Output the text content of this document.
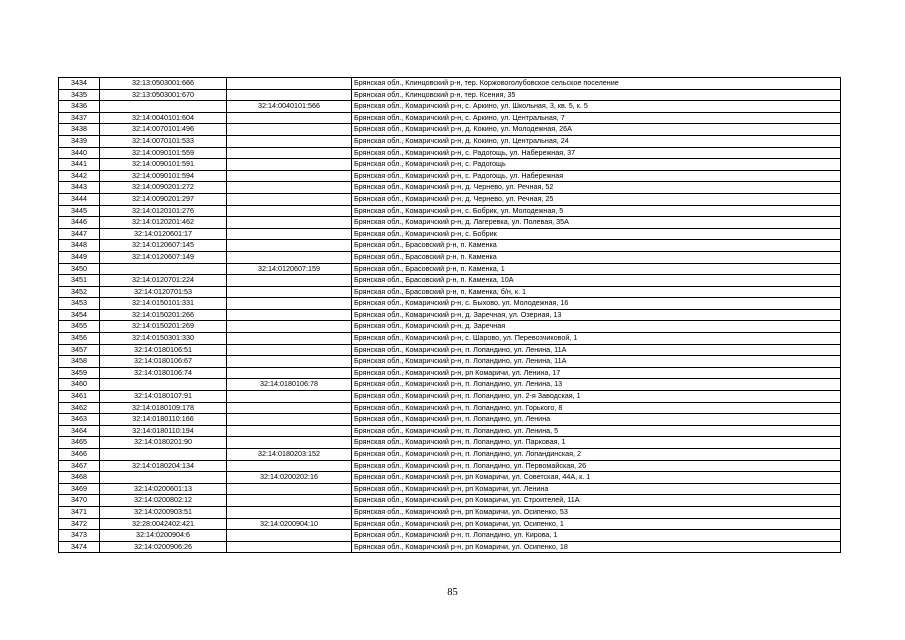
3434	32:13:0503001:666		Брянская обл., Клинцовский р-н, тер. Коржовоголубовское сельское поселение
3435	32:13:0503001:670		Брянская обл., Клинцовский р-н, тер. Ксения, 35
3436		32:14:0040101:566	Брянская обл., Комаричский р-н, с. Аркино, ул. Школьная, 3, кв. 5, к. 5
3437	32:14:0040101:604		Брянская обл., Комаричский р-н, с. Аркино, ул. Центральная, 7
3438	32:14:0070101:496		Брянская обл., Комаричский р-н, д. Кокино, ул. Молодежная, 26А
3439	32:14:0070101:533		Брянская обл., Комаричский р-н, д. Кокино, ул. Центральная, 24
3440	32:14:0090101:559		Брянская обл., Комаричский р-н, с. Радогощь, ул. Набережная, 37
3441	32:14:0090101:591		Брянская обл., Комаричский р-н, с. Радогощь
3442	32:14:0090101:594		Брянская обл., Комаричский р-н, с. Радогощь, ул. Набережная
3443	32:14:0090201:272		Брянская обл., Комаричский р-н, д. Чернево, ул. Речная, 52
3444	32:14:0090201:297		Брянская обл., Комаричский р-н, д. Чернево, ул. Речная, 25
3445	32:14:0120101:276		Брянская обл., Комаричский р-н, с. Бобрик, ул. Молодежная, 5
3446	32:14:0120201:462		Брянская обл., Комаричский р-н, д. Лагеревка, ул. Полевая, 35А
3447	32:14:0120601:17		Брянская обл., Комаричский р-н, с. Бобрик
3448	32:14:0120607:145		Брянская обл., Брасовский р-н, п. Каменка
3449	32:14:0120607:149		Брянская обл., Брасовский р-н, п. Каменка
3450		32:14:0120607:159	Брянская обл., Брасовский р-н, п. Каменка, 1
3451	32:14:0120701:224		Брянская обл., Брасовский р-н, п. Каменка, 10А
3452	32:14:0120701:53		Брянская обл., Брасовский р-н, п. Каменка, б/н, к. 1
3453	32:14:0150101:331		Брянская обл., Комаричский р-н, с. Быхово, ул. Молодежная, 16
3454	32:14:0150201:266		Брянская обл., Комаричский р-н, д. Заречная, ул. Озерная, 13
3455	32:14:0150201:269		Брянская обл., Комаричский р-н, д. Заречная
3456	32:14:0150301:330		Брянская обл., Комаричский р-н, с. Шарово, ул. Перевозчиковой, 1
3457	32:14:0180106:51		Брянская обл., Комаричский р-н, п. Лопандино, ул. Ленина, 11А
3458	32:14:0180106:67		Брянская обл., Комаричский р-н, п. Лопандино, ул. Ленина, 11А
3459	32:14:0180106:74		Брянская обл., Комаричский р-н, рп Комаричи, ул. Ленина, 17
3460		32:14:0180106:78	Брянская обл., Комаричский р-н, п. Лопандино, ул. Ленина, 13
3461	32:14:0180107:91		Брянская обл., Комаричский р-н, п. Лопандино, ул. 2-я Заводская, 1
3462	32:14:0180109:178		Брянская обл., Комаричский р-н, п. Лопандино, ул. Горького, 8
3463	32:14:0180110:166		Брянская обл., Комаричский р-н, п. Лопандино, ул. Ленина
3464	32:14:0180110:194		Брянская обл., Комаричский р-н, п. Лопандино, ул. Ленина, 5
3465	32:14:0180201:90		Брянская обл., Комаричский р-н, п. Лопандино, ул. Парковая, 1
3466		32:14:0180203:152	Брянская обл., Комаричский р-н, п. Лопандино, ул. Лопандинская, 2
3467	32:14:0180204:134		Брянская обл., Комаричский р-н, п. Лопандино, ул. Первомайская, 26
3468		32:14:0200202:16	Брянская обл., Комаричский р-н, рп Комаричи, ул. Советская, 44А, к. 1
3469	32:14:0200601:13		Брянская обл., Комаричский р-н, рп Комаричи, ул. Ленина
3470	32:14:0200802:12		Брянская обл., Комаричский р-н, рп Комаричи, ул. Строителей, 11А
3471	32:14:0200903:51		Брянская обл., Комаричский р-н, рп Комаричи, ул. Осипенко, 53
3472	32:28:0042402:421	32:14:0200904:10	Брянская обл., Комаричский р-н, рп Комаричи, ул. Осипенко, 1
3473	32:14:0200904:6		Брянская обл., Комаричский р-н, п. Лопандино, ул. Кирова, 1
3474	32:14:0200906:26		Брянская обл., Комаричский р-н, рп Комаричи, ул. Осипенко, 18
85
